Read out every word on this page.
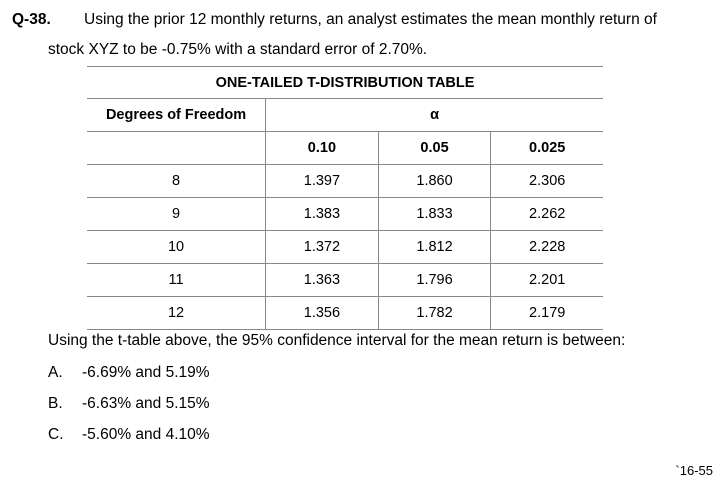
Q-38. Using the prior 12 monthly returns, an analyst estimates the mean monthly return of
stock XYZ to be -0.75% with a standard error of 2.70%.
ONE-TAILED T-DISTRIBUTION TABLE			
Degrees of Freedom	α		
	0.10	0.05	0.025
8	1.397	1.860	2.306
9	1.383	1.833	2.262
10	1.372	1.812	2.228
11	1.363	1.796	2.201
12	1.356	1.782	2.179
Using the t-table above, the 95% confidence interval for the mean return is between:
A. -6.69% and 5.19%
B. -6.63% and 5.15%
C. -5.60% and 4.10%
`16-55
